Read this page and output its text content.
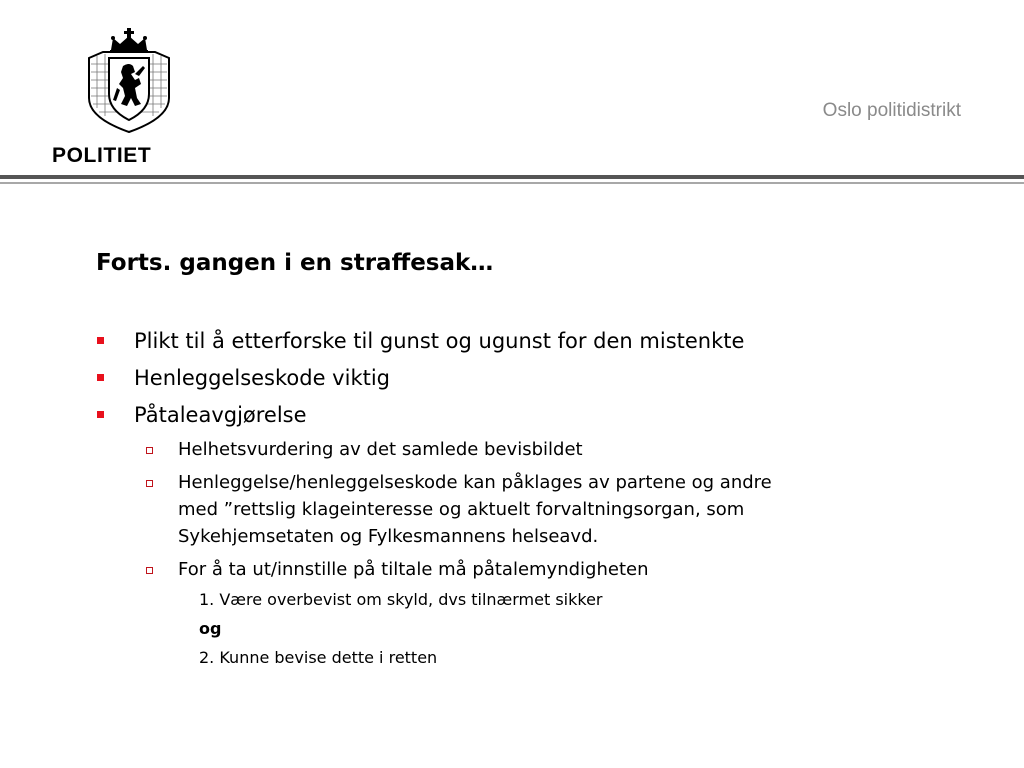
POLITIET
Oslo politidistrikt
Forts. gangen i en straffesak…
Plikt til å etterforske til gunst og ugunst for den mistenkte
Henleggelseskode viktig
Påtaleavgjørelse
Helhetsvurdering av det samlede bevisbildet
Henleggelse/henleggelseskode kan påklages av partene og andre
med ”rettslig klageinteresse og aktuelt forvaltningsorgan, som
Sykehjemsetaten og Fylkesmannens helseavd.
For å ta ut/innstille på tiltale må påtalemyndigheten
1. Være overbevist om skyld, dvs tilnærmet sikker
og
2. Kunne bevise dette i retten
